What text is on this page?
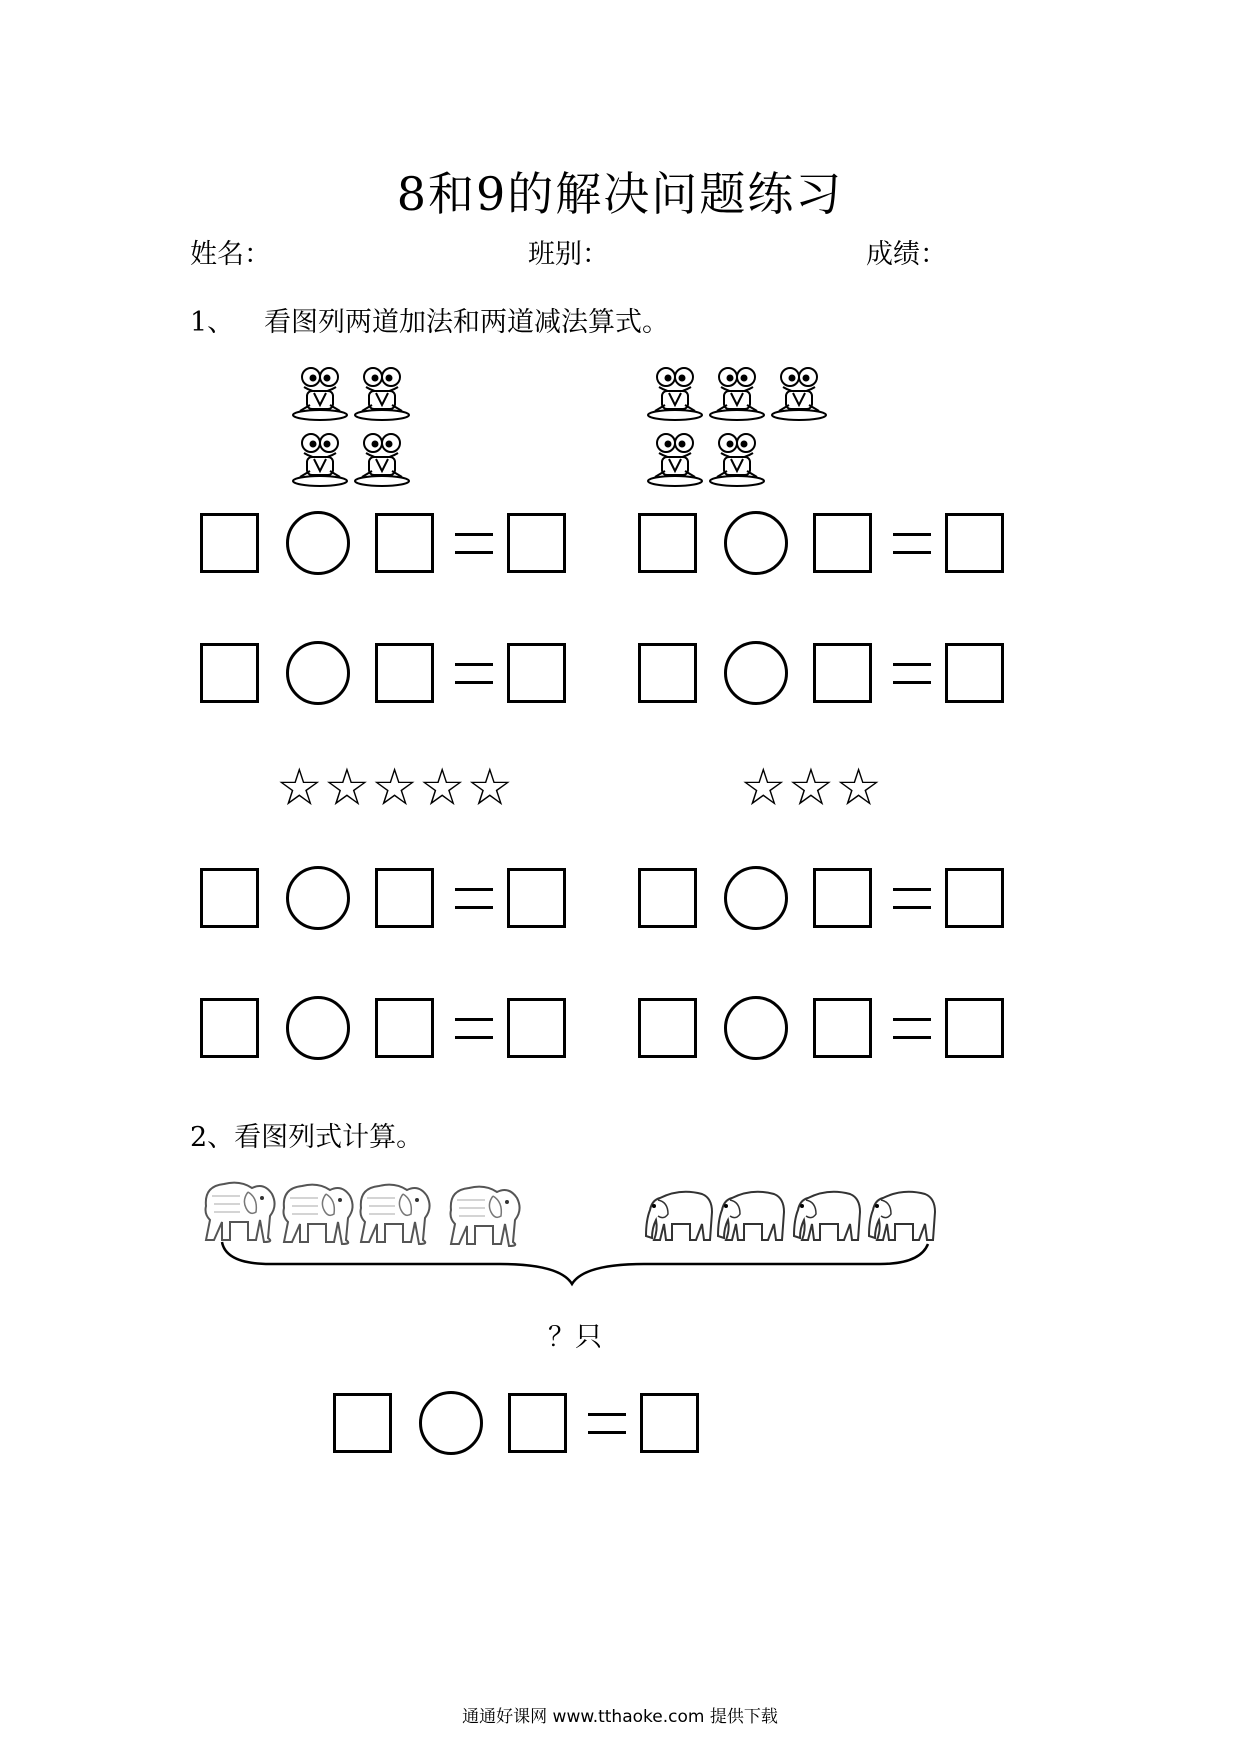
8和9的解决问题练习
姓名：	班别：	成绩：
1、 看图列两道加法和两道减法算式。
☆☆☆☆☆	☆☆☆
2、看图列式计算。
？只
通通好课网 www.tthaoke.com 提供下载
